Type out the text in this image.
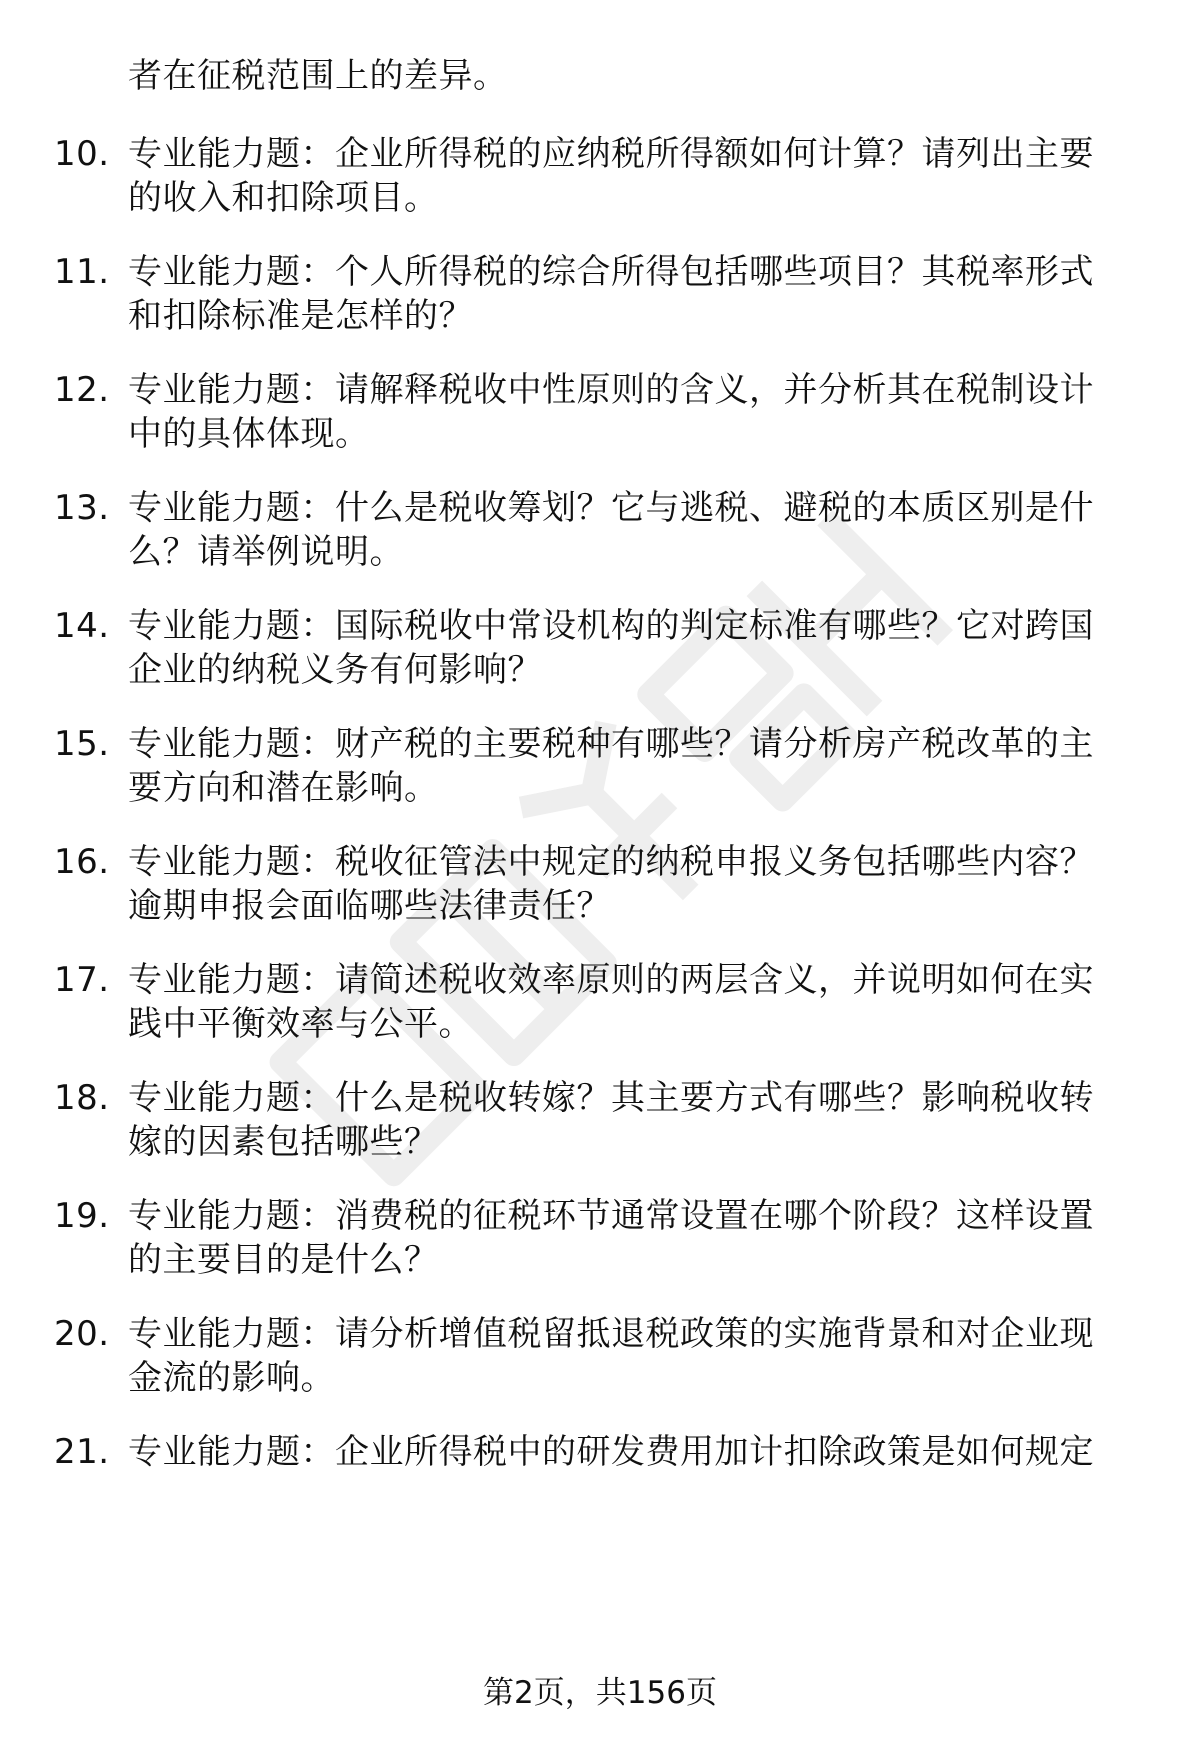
者在征税范围上的差异。
10. 专业能力题：企业所得税的应纳税所得额如何计算？请列出主要
的收入和扣除项目。
11. 专业能力题：个人所得税的综合所得包括哪些项目？其税率形式
和扣除标准是怎样的？
12. 专业能力题：请解释税收中性原则的含义，并分析其在税制设计
中的具体体现。
13. 专业能力题：什么是税收筹划？它与逃税、避税的本质区别是什
么？请举例说明。
14. 专业能力题：国际税收中常设机构的判定标准有哪些？它对跨国
企业的纳税义务有何影响？
15. 专业能力题：财产税的主要税种有哪些？请分析房产税改革的主
要方向和潜在影响。
16. 专业能力题：税收征管法中规定的纳税申报义务包括哪些内容？
逾期申报会面临哪些法律责任？
17. 专业能力题：请简述税收效率原则的两层含义，并说明如何在实
践中平衡效率与公平。
18. 专业能力题：什么是税收转嫁？其主要方式有哪些？影响税收转
嫁的因素包括哪些？
19. 专业能力题：消费税的征税环节通常设置在哪个阶段？这样设置
的主要目的是什么？
20. 专业能力题：请分析增值税留抵退税政策的实施背景和对企业现
金流的影响。
21. 专业能力题：企业所得税中的研发费用加计扣除政策是如何规定
第2页，共156页
